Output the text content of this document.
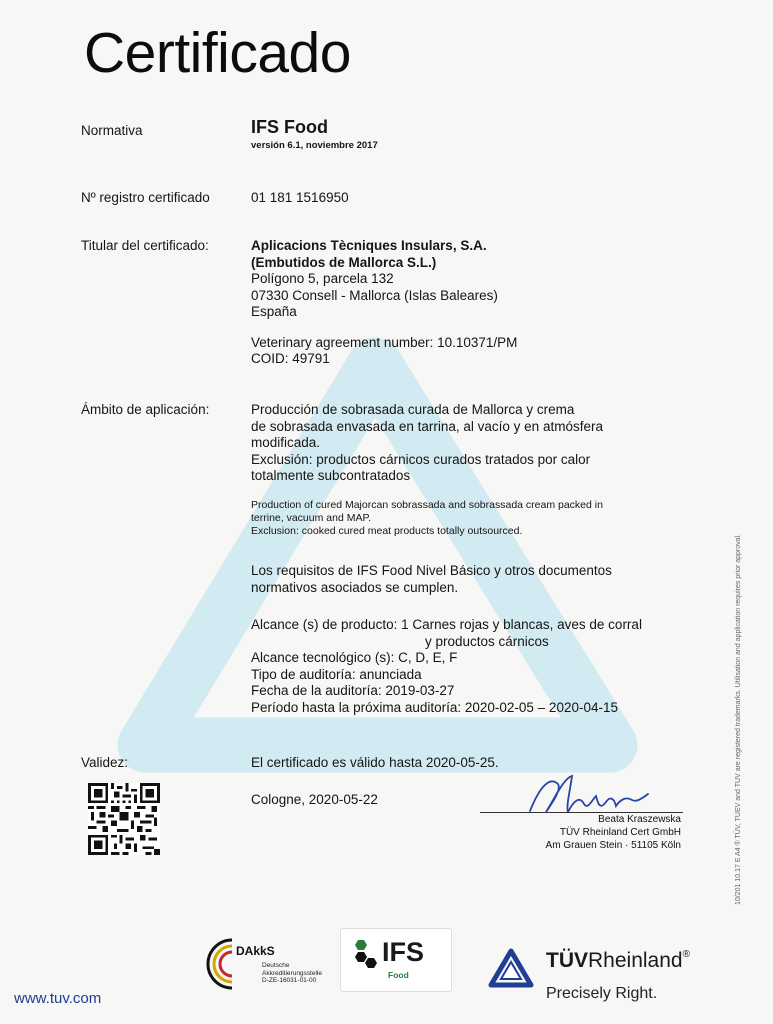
Certificado
Normativa	IFS Food
versión 6.1, noviembre 2017
Nº registro certificado	01 181 1516950
Titular del certificado:	Aplicacions Tècniques Insulars, S.A.
(Embutidos de Mallorca S.L.)
Polígono 5, parcela 132
07330 Consell - Mallorca (Islas Baleares)
España
Veterinary agreement number: 10.10371/PM
COID: 49791
Ámbito de aplicación:	Producción de sobrasada curada de Mallorca y crema
de sobrasada envasada en tarrina, al vacío y en atmósfera
modificada.
Exclusión: productos cárnicos curados tratados por calor
totalmente subcontratados
Production of cured Majorcan sobrassada and sobrassada cream packed in
terrine, vacuum and MAP.
Exclusion: cooked cured meat products totally outsourced.
Los requisitos de IFS Food Nivel Básico y otros documentos
normativos asociados se cumplen.
Alcance (s) de producto: 1 Carnes rojas y blancas, aves de corral
y productos cárnicos
Alcance tecnológico (s): C, D, E, F
Tipo de auditoría: anunciada
Fecha de la auditoría: 2019-03-27
Período hasta la próxima auditoría: 2020-02-05 – 2020-04-15
Validez:	El certificado es válido hasta 2020-05-25.
Cologne, 2020-05-22
Beata Kraszewska
TÜV Rheinland Cert GmbH
Am Grauen Stein · 51105 Köln	10/201 10.17 E A4 ® TÜV, TUEV and TUV are registered trademarks. Utilisation and application requires prior approval.
DAkkS
Deutsche
Akkreditierungsstelle
D-ZE-16031-01-00
IFS
Food
TÜVRheinland®
Precisely Right.
www.tuv.com
